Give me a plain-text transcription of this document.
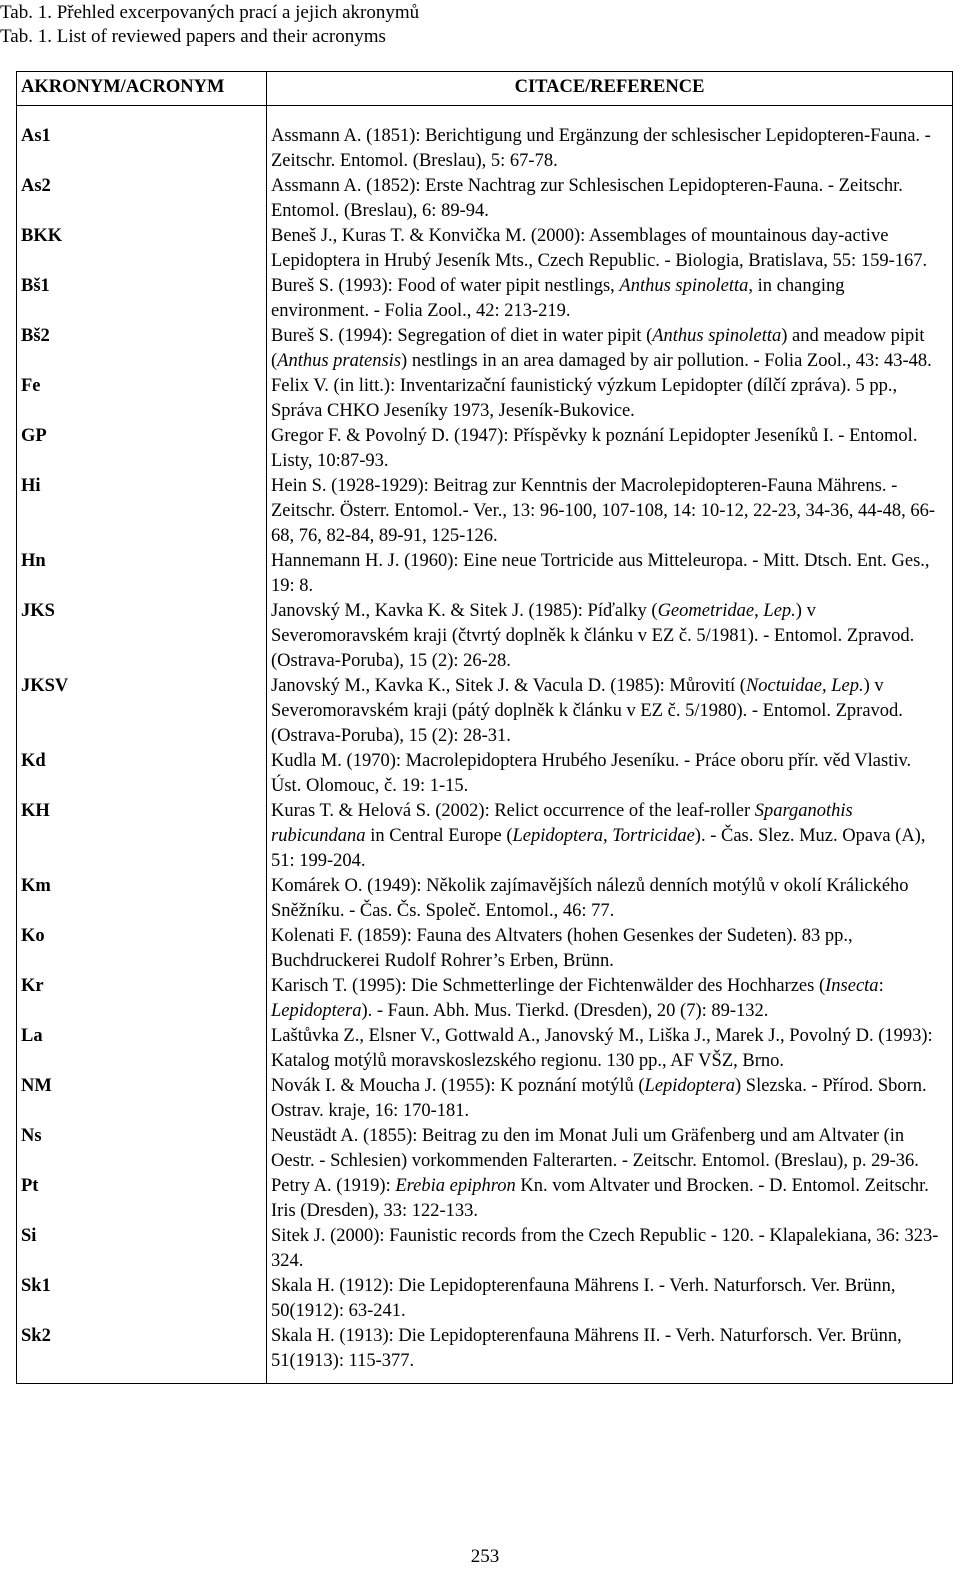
Tab. 1. Přehled excerpovaných prací a jejich akronymů
Tab. 1. List of reviewed papers and their acronyms
AKRONYM/ACRONYM	CITACE/REFERENCE
As1	Assmann A. (1851): Berichtigung und Ergänzung der schlesischer Lepidopteren-Fauna. - Zeitschr. Entomol. (Breslau), 5: 67-78.
As2	Assmann A. (1852): Erste Nachtrag zur Schlesischen Lepidopteren-Fauna. - Zeitschr. Entomol. (Breslau), 6: 89-94.
BKK	Beneš J., Kuras T. & Konvička M. (2000): Assemblages of mountainous day-active Lepidoptera in Hrubý Jeseník Mts., Czech Republic. - Biologia, Bratislava, 55: 159-167.
Bš1	Bureš S. (1993): Food of water pipit nestlings, Anthus spinoletta, in changing environment. - Folia Zool., 42: 213-219.
Bš2	Bureš S. (1994): Segregation of diet in water pipit (Anthus spinoletta) and meadow pipit (Anthus pratensis) nestlings in an area damaged by air pollution. - Folia Zool., 43: 43-48.
Fe	Felix V. (in litt.): Inventarizační faunistický výzkum Lepidopter (dílčí zpráva). 5 pp., Správa CHKO Jeseníky 1973, Jeseník-Bukovice.
GP	Gregor F. & Povolný D. (1947): Příspěvky k poznání Lepidopter Jeseníků I. - Entomol. Listy, 10:87-93.
Hi	Hein S. (1928-1929): Beitrag zur Kenntnis der Macrolepidopteren-Fauna Mährens. - Zeitschr. Österr. Entomol.- Ver., 13: 96-100, 107-108, 14: 10-12, 22-23, 34-36, 44-48, 66-68, 76, 82-84, 89-91, 125-126.
Hn	Hannemann H. J. (1960): Eine neue Tortricide aus Mitteleuropa. - Mitt. Dtsch. Ent. Ges., 19: 8.
JKS	Janovský M., Kavka K. & Sitek J. (1985): Píďalky (Geometridae, Lep.) v Severomoravském kraji (čtvrtý doplněk k článku v EZ č. 5/1981). - Entomol. Zpravod. (Ostrava-Poruba), 15 (2): 26-28.
JKSV	Janovský M., Kavka K., Sitek J. & Vacula D. (1985): Můrovití (Noctuidae, Lep.) v Severomoravském kraji (pátý doplněk k článku v EZ č. 5/1980). - Entomol. Zpravod. (Ostrava-Poruba), 15 (2): 28-31.
Kd	Kudla M. (1970): Macrolepidoptera Hrubého Jeseníku. - Práce oboru přír. věd Vlastiv. Úst. Olomouc, č. 19: 1-15.
KH	Kuras T. & Helová S. (2002): Relict occurrence of the leaf-roller Sparganothis rubicundana in Central Europe (Lepidoptera, Tortricidae). - Čas. Slez. Muz. Opava (A), 51: 199-204.
Km	Komárek O. (1949): Několik zajímavějších nálezů denních motýlů v okolí Králického Sněžníku. - Čas. Čs. Společ. Entomol., 46: 77.
Ko	Kolenati F. (1859): Fauna des Altvaters (hohen Gesenkes der Sudeten). 83 pp., Buchdruckerei Rudolf Rohrer’s Erben, Brünn.
Kr	Karisch T. (1995): Die Schmetterlinge der Fichtenwälder des Hochharzes (Insecta: Lepidoptera). - Faun. Abh. Mus. Tierkd. (Dresden), 20 (7): 89-132.
La	Laštůvka Z., Elsner V., Gottwald A., Janovský M., Liška J., Marek J., Povolný D. (1993): Katalog motýlů moravskoslezského regionu. 130 pp., AF VŠZ, Brno.
NM	Novák I. & Moucha J. (1955): K poznání motýlů (Lepidoptera) Slezska. - Přírod. Sborn. Ostrav. kraje, 16: 170-181.
Ns	Neustädt A. (1855): Beitrag zu den im Monat Juli um Gräfenberg und am Altvater (in Oestr. - Schlesien) vorkommenden Falterarten. - Zeitschr. Entomol. (Breslau), p. 29-36.
Pt	Petry A. (1919): Erebia epiphron Kn. vom Altvater und Brocken. - D. Entomol. Zeitschr. Iris (Dresden), 33: 122-133.
Si	Sitek J. (2000): Faunistic records from the Czech Republic - 120. - Klapalekiana, 36: 323-324.
Sk1	Skala H. (1912): Die Lepidopterenfauna Mährens I. - Verh. Naturforsch. Ver. Brünn, 50(1912): 63-241.
Sk2	Skala H. (1913): Die Lepidopterenfauna Mährens II. - Verh. Naturforsch. Ver. Brünn, 51(1913): 115-377.
253
